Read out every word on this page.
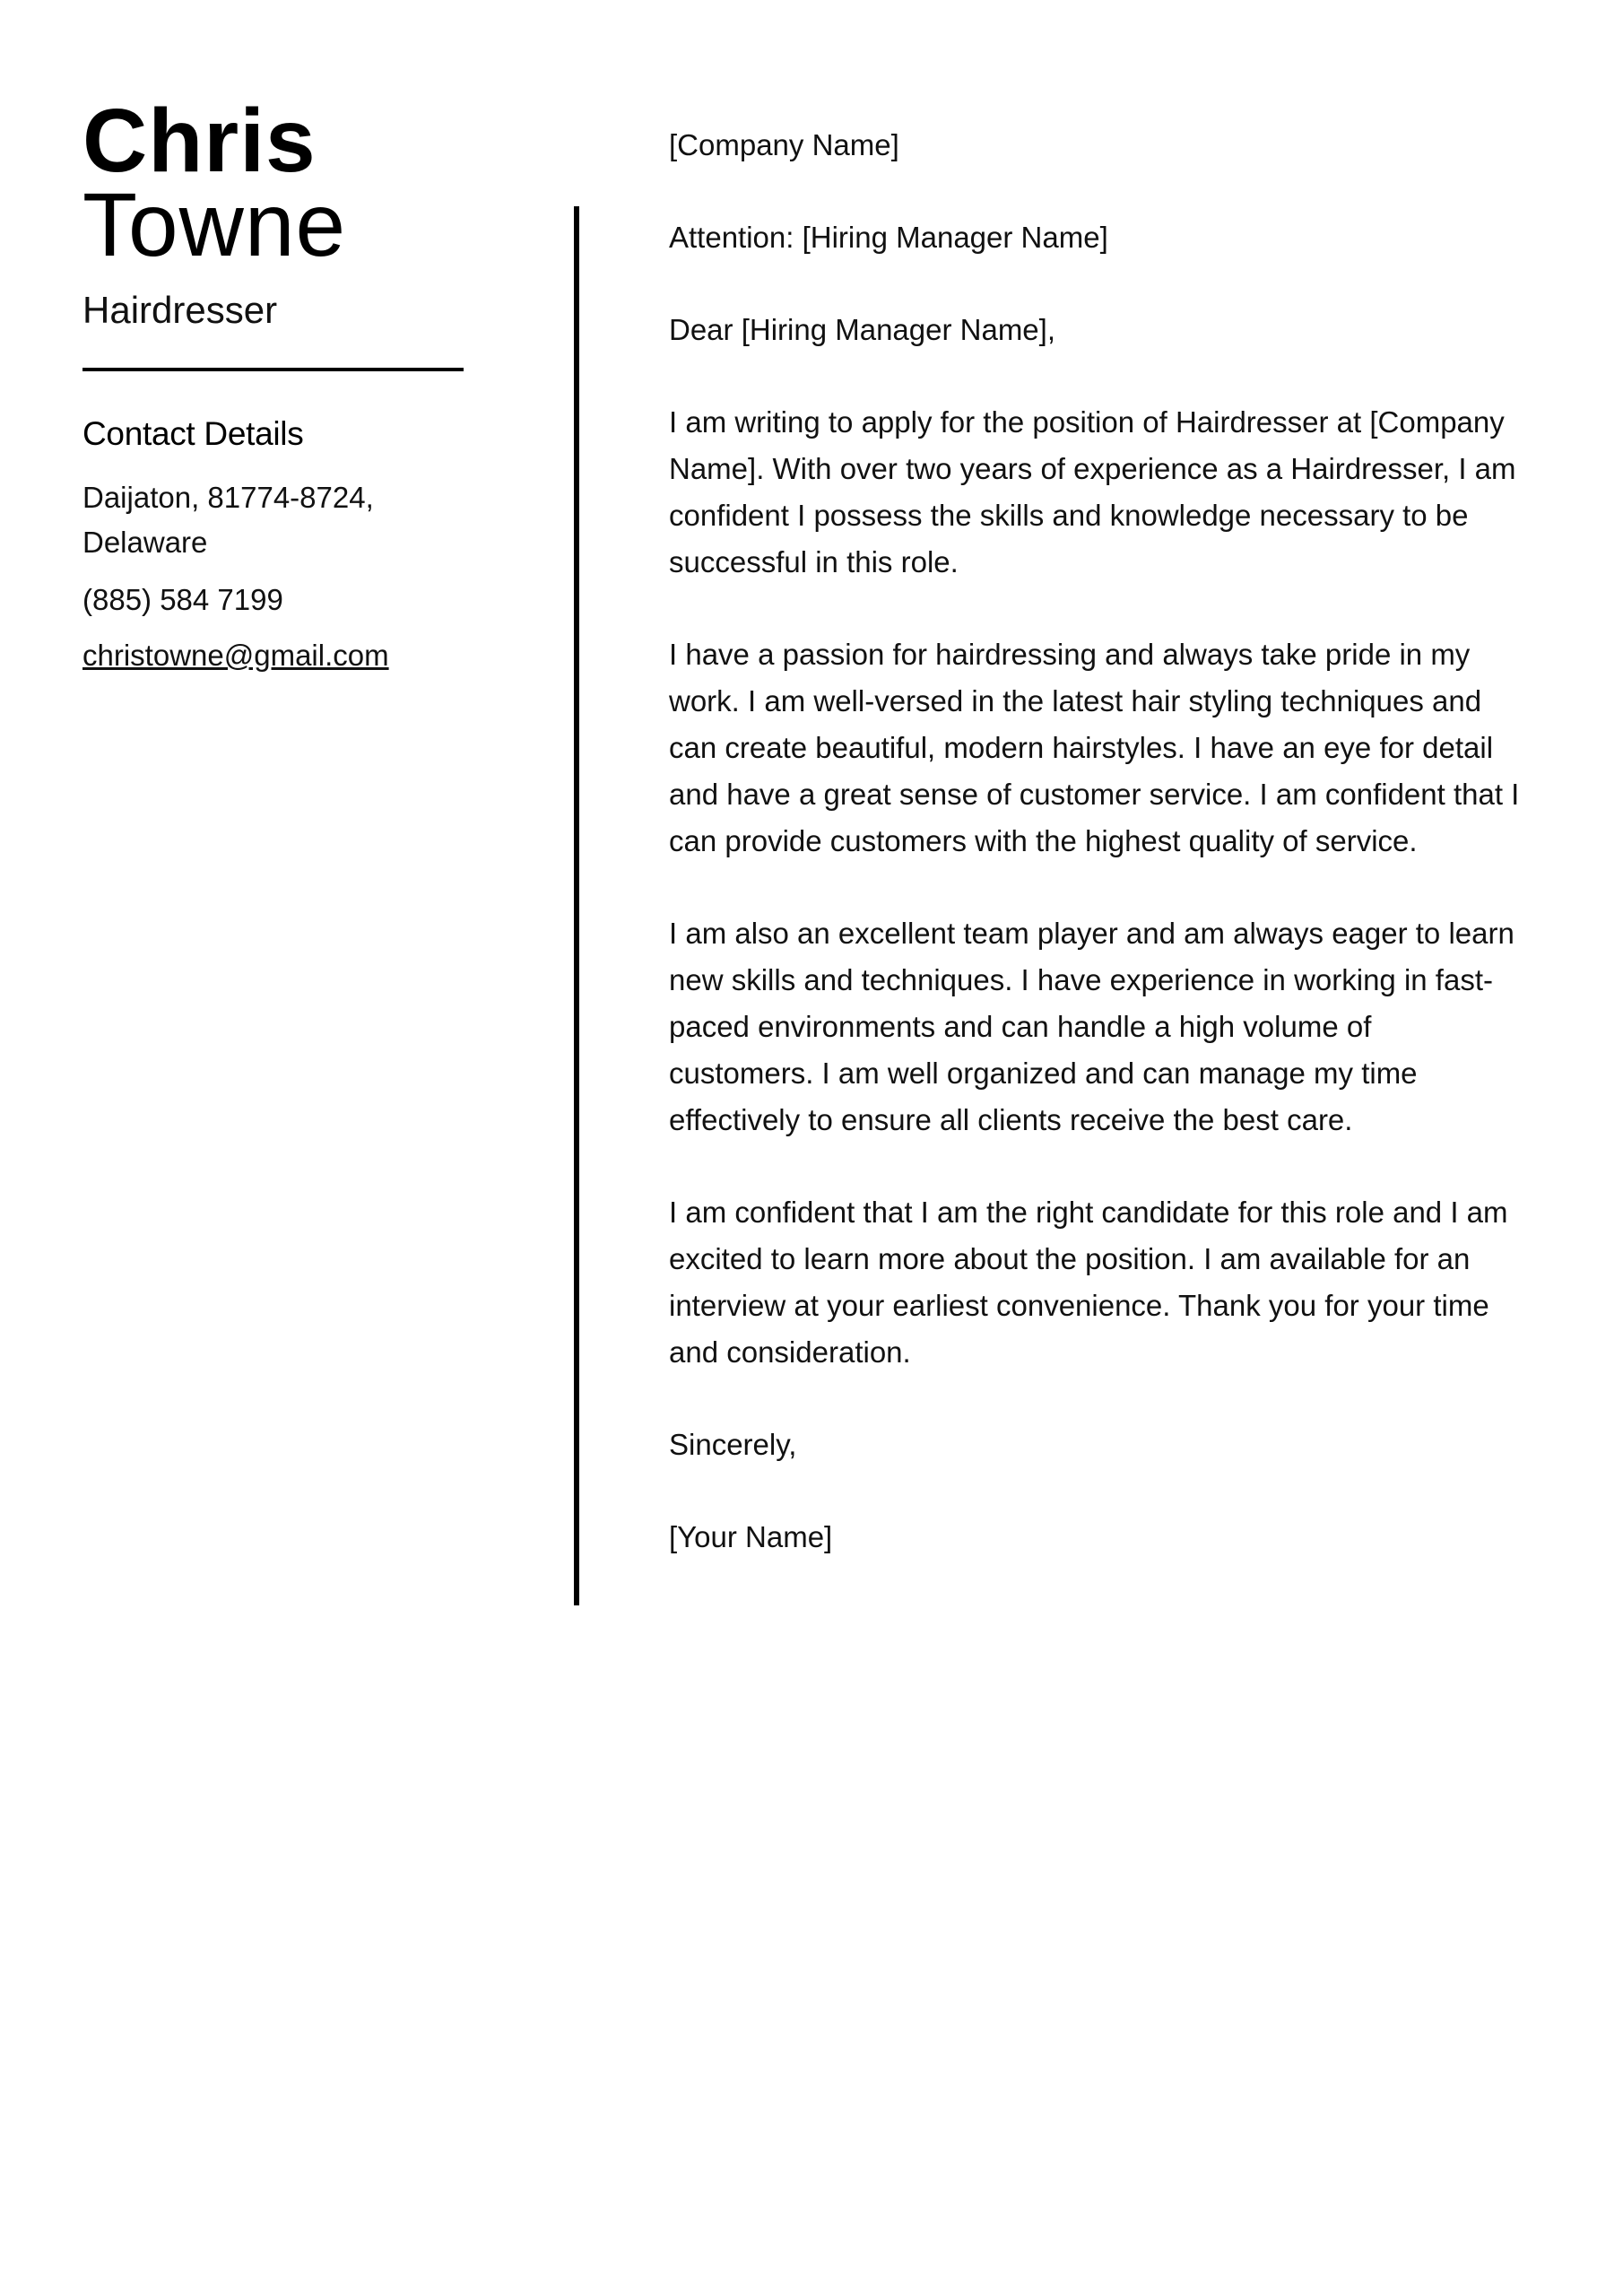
Chris
Towne
Hairdresser
Contact Details
Daijaton, 81774-8724, Delaware
(885) 584 7199
christowne@gmail.com

[Company Name]

Attention: [Hiring Manager Name]

Dear [Hiring Manager Name],

I am writing to apply for the position of Hairdresser at [Company Name]. With over two years of experience as a Hairdresser, I am confident I possess the skills and knowledge necessary to be successful in this role.

I have a passion for hairdressing and always take pride in my work. I am well-versed in the latest hair styling techniques and can create beautiful, modern hairstyles. I have an eye for detail and have a great sense of customer service. I am confident that I can provide customers with the highest quality of service.

I am also an excellent team player and am always eager to learn new skills and techniques. I have experience in working in fast-paced environments and can handle a high volume of customers. I am well organized and can manage my time effectively to ensure all clients receive the best care.

I am confident that I am the right candidate for this role and I am excited to learn more about the position. I am available for an interview at your earliest convenience. Thank you for your time and consideration.

Sincerely,

[Your Name]
